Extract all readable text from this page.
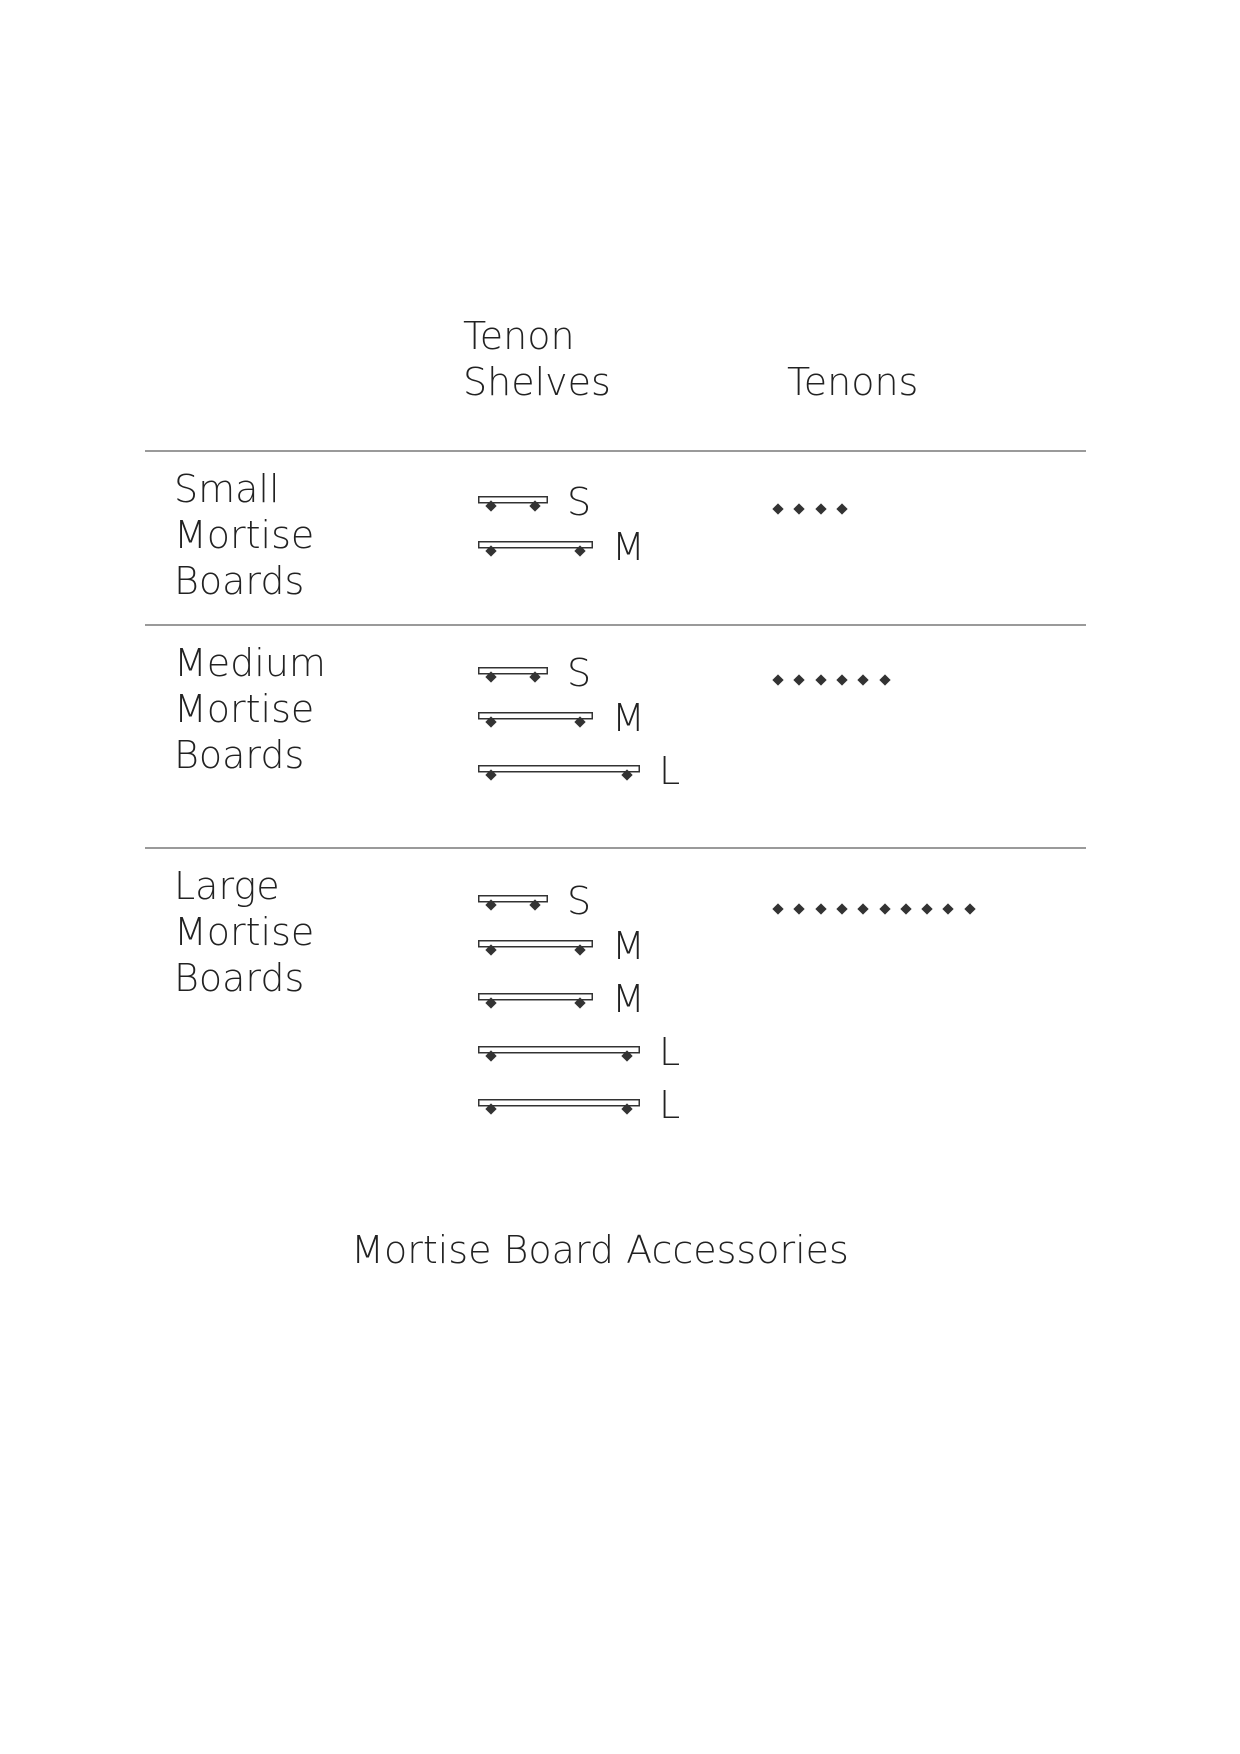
Tenon
Shelves	Tenons
Small
Mortise
Boards
S
M
Medium
Mortise
Boards
S
M
L
Large
Mortise
Boards
S
M
M
L
L
Mortise Board Accessories
